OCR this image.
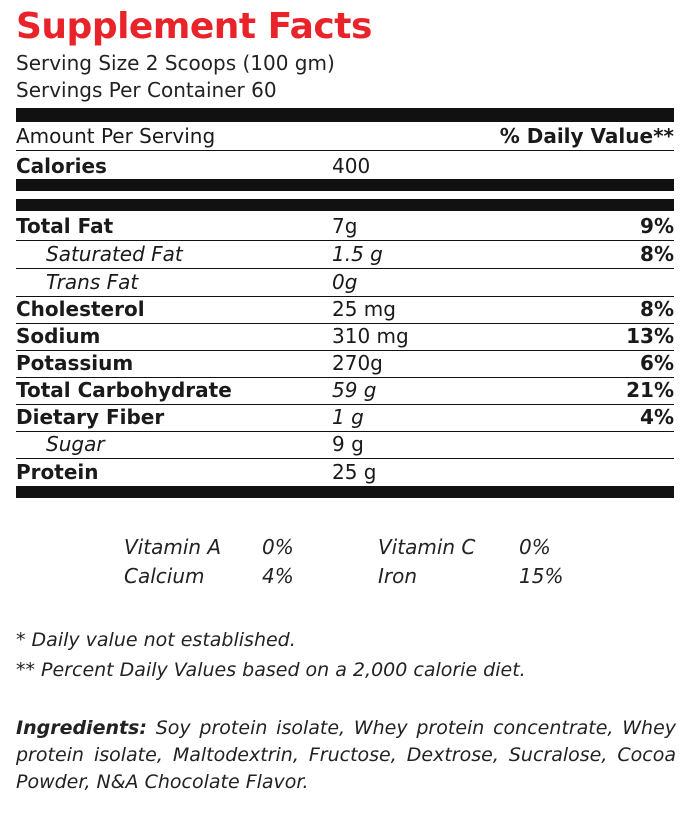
Supplement Facts
Serving Size 2 Scoops (100 gm)
Servings Per Container 60
Amount Per Serving	% Daily Value**
Calories	400
Total Fat	7g	9%
Saturated Fat	1.5 g	8%
Trans Fat	0g
Cholesterol	25 mg	8%
Sodium	310 mg	13%
Potassium	270g	6%
Total Carbohydrate	59 g	21%
Dietary Fiber	1 g	4%
Sugar	9 g
Protein	25 g
Vitamin A 0%	Vitamin C 0%
Calcium	4%	Iron	15%
* Daily value not established.
** Percent Daily Values based on a 2,000 calorie diet.
Ingredients: Soy protein isolate, Whey protein concentrate, Whey protein isolate, Maltodextrin, Fructose, Dextrose, Sucralose, Cocoa Powder, N&A Chocolate Flavor.
